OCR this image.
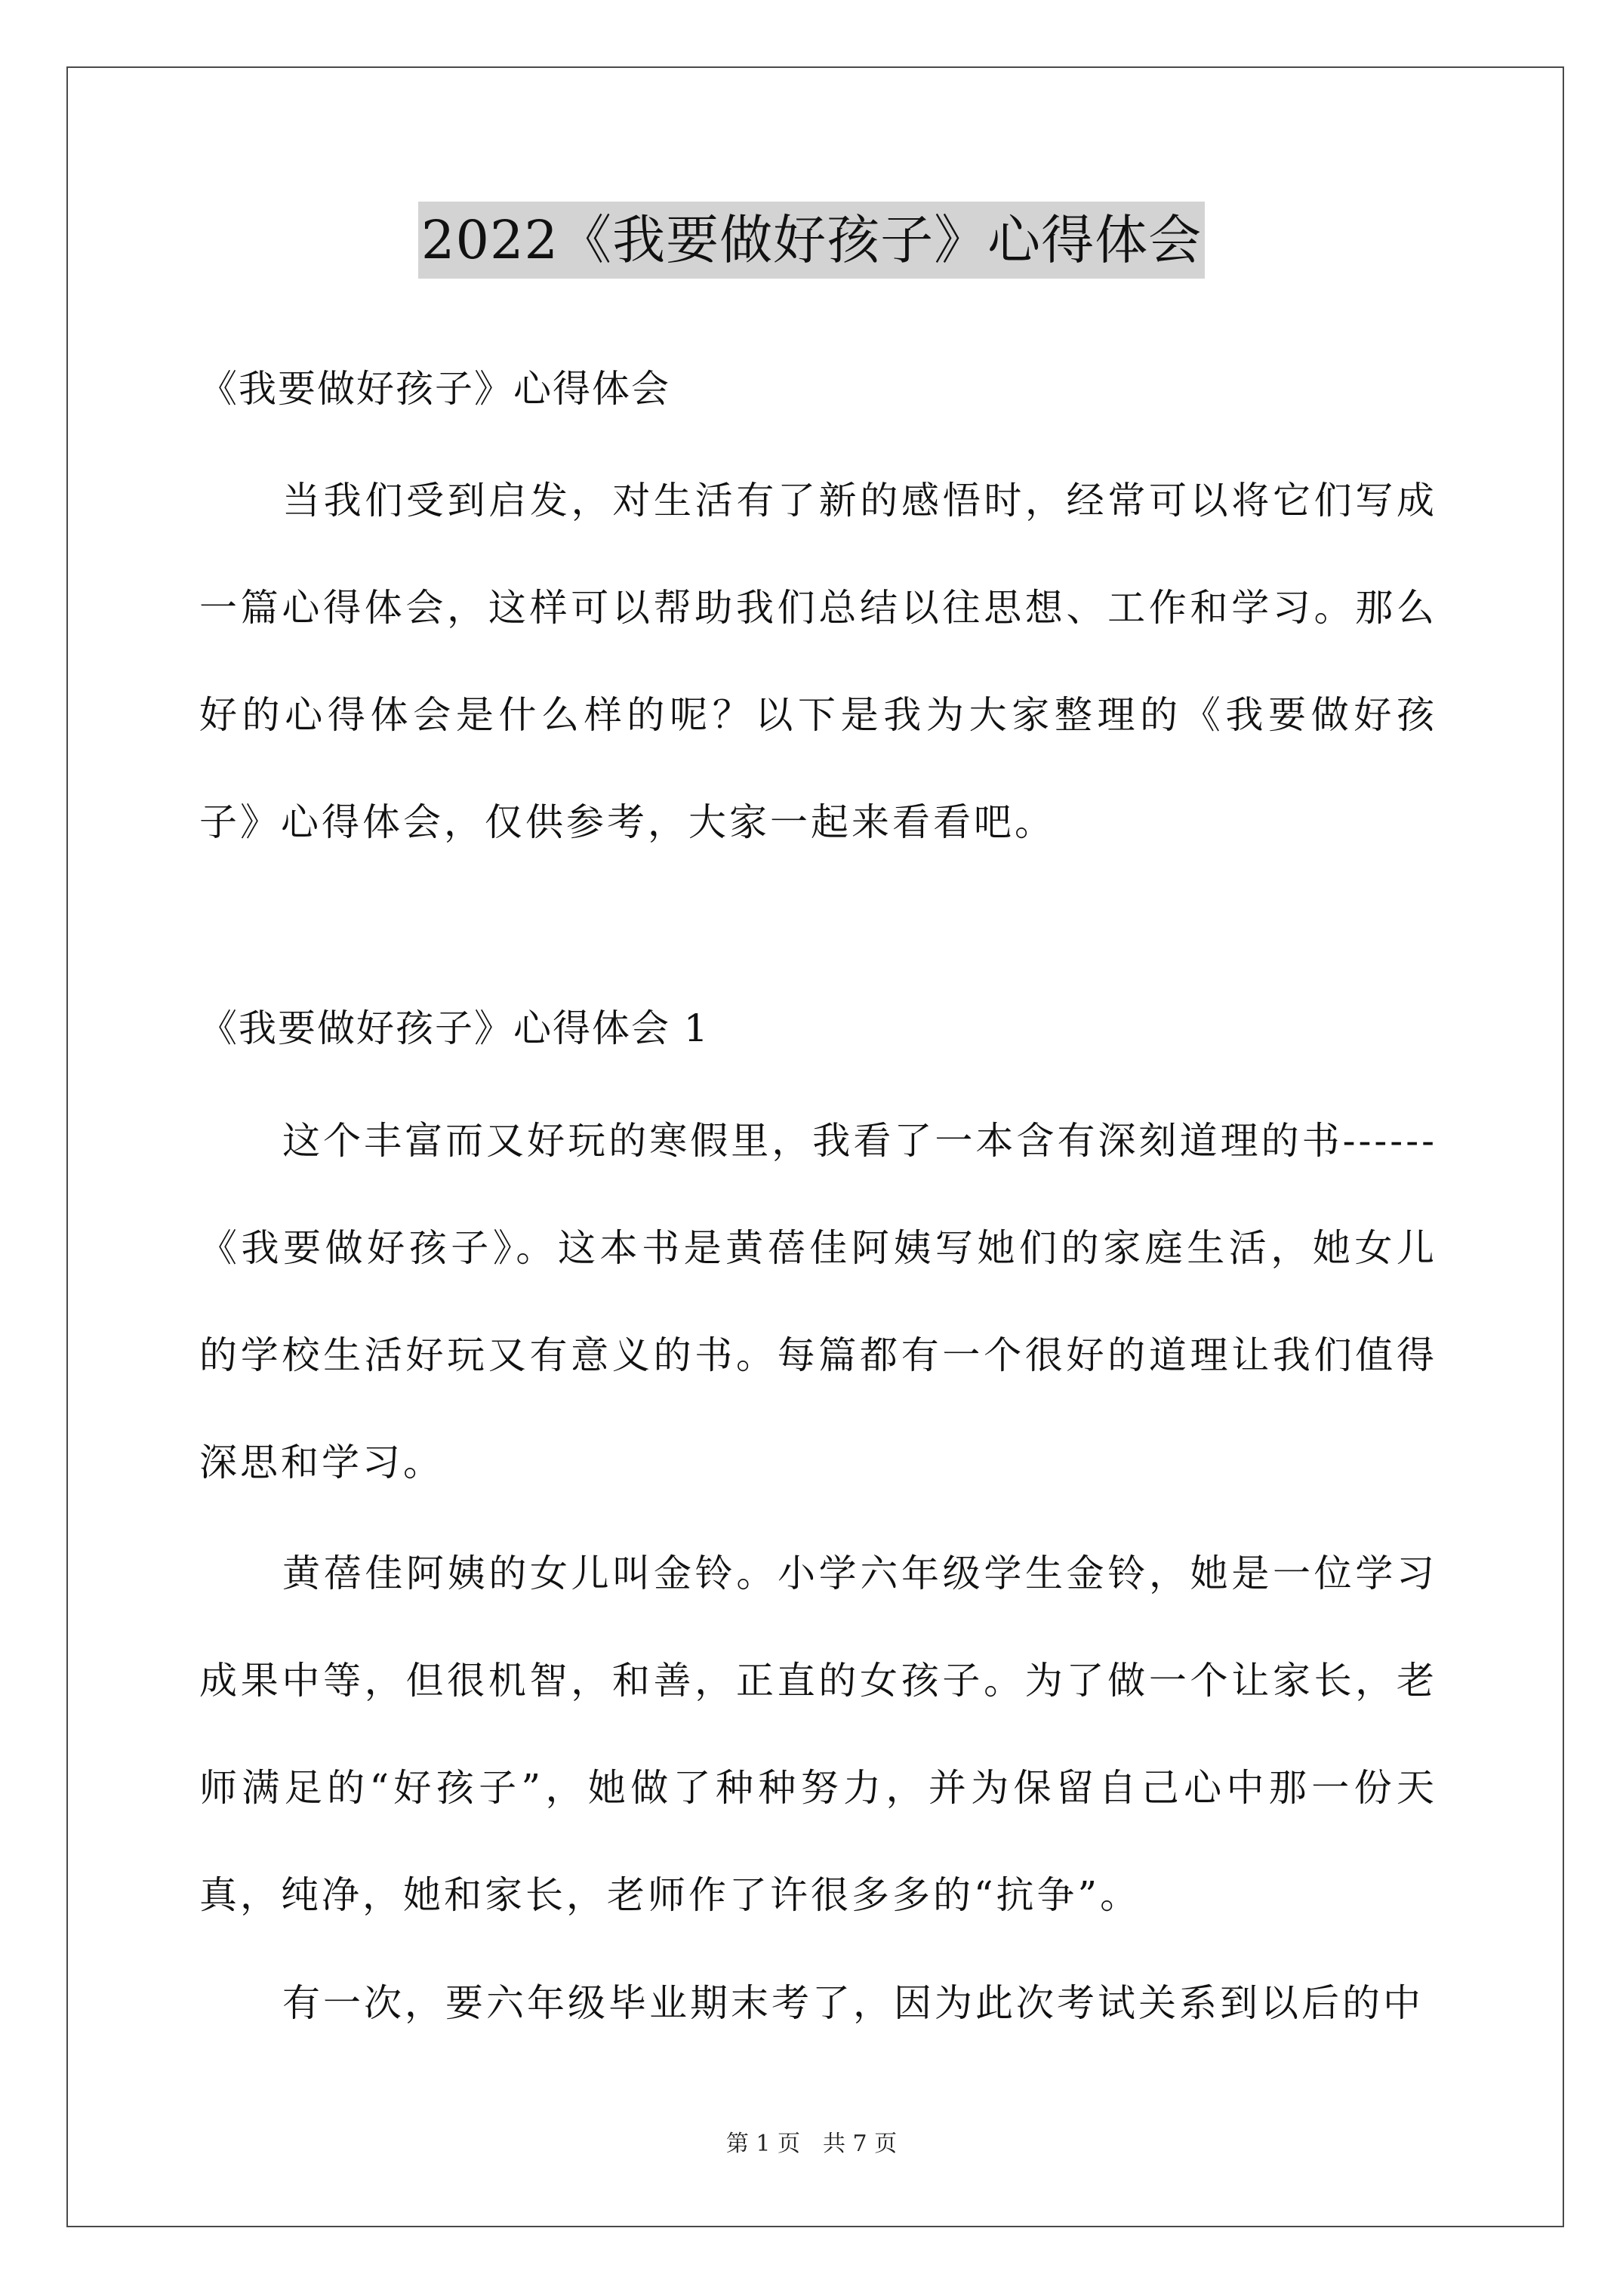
2022《我要做好孩子》心得体会

《我要做好孩子》心得体会

当我们受到启发，对生活有了新的感悟时，经常可以将它们写成一篇心得体会，这样可以帮助我们总结以往思想、工作和学习。那么好的心得体会是什么样的呢？以下是我为大家整理的《我要做好孩子》心得体会，仅供参考，大家一起来看看吧。

《我要做好孩子》心得体会 1

这个丰富而又好玩的寒假里，我看了一本含有深刻道理的书------《我要做好孩子》。这本书是黄蓓佳阿姨写她们的家庭生活，她女儿的学校生活好玩又有意义的书。每篇都有一个很好的道理让我们值得深思和学习。

黄蓓佳阿姨的女儿叫金铃。小学六年级学生金铃，她是一位学习成果中等，但很机智，和善，正直的女孩子。为了做一个让家长，老师满足的“好孩子”，她做了种种努力，并为保留自己心中那一份天真，纯净，她和家长，老师作了许很多多的“抗争”。

有一次，要六年级毕业期末考了，因为此次考试关系到以后的中

第 1 页　共 7 页
